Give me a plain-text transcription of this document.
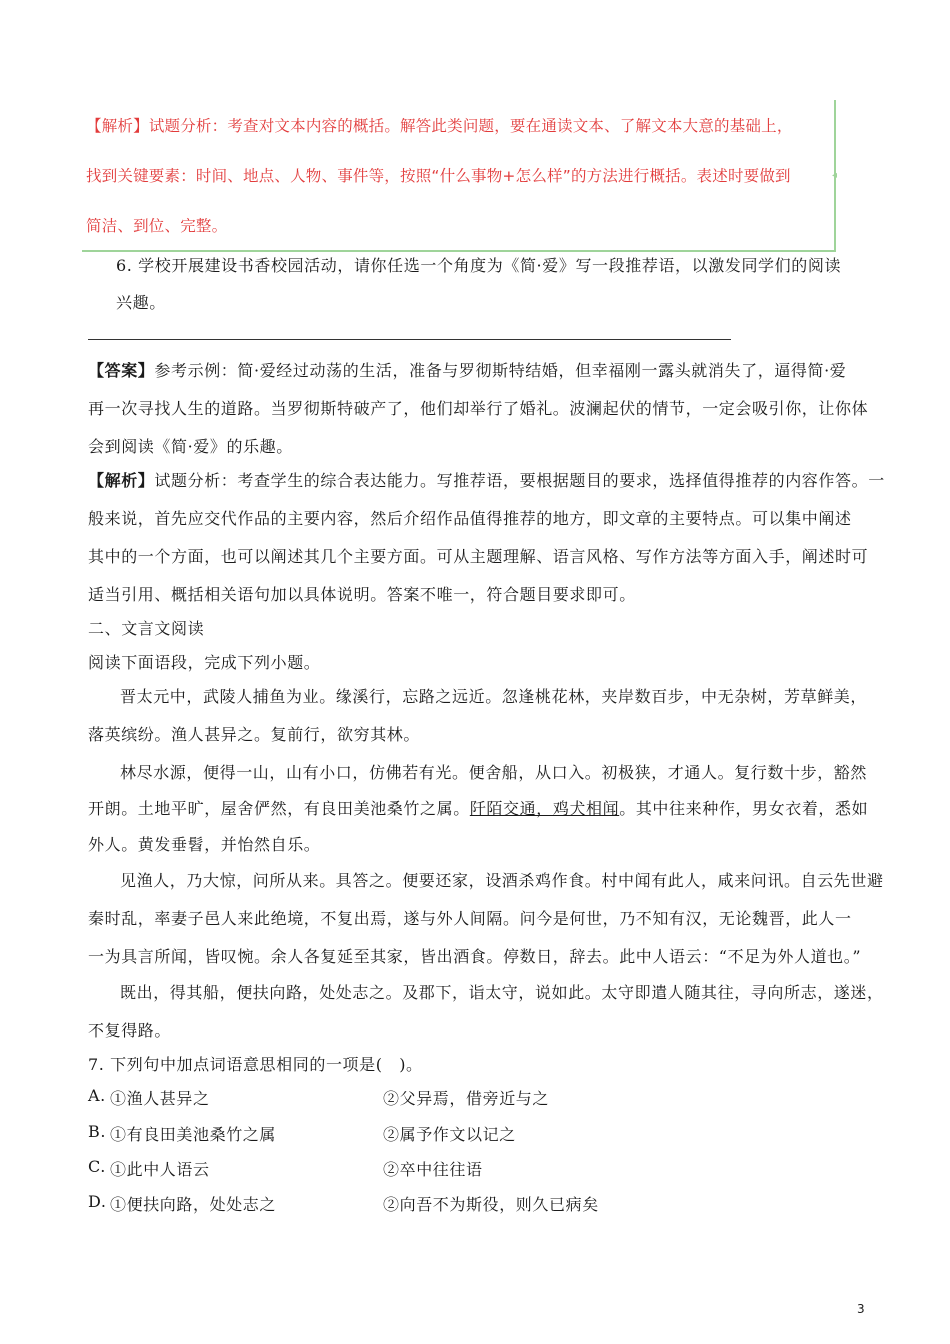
◂
【解析】试题分析：考查对文本内容的概括。解答此类问题，要在通读文本、了解文本大意的基础上，
找到关键要素：时间、地点、人物、事件等，按照“什么事物+怎么样”的方法进行概括。表述时要做到
简洁、到位、完整。
6. 学校开展建设书香校园活动，请你任选一个角度为《简·爱》写一段推荐语，以激发同学们的阅读
兴趣。
【答案】参考示例：简·爱经过动荡的生活，准备与罗彻斯特结婚，但幸福刚一露头就消失了，逼得简·爱
再一次寻找人生的道路。当罗彻斯特破产了，他们却举行了婚礼。波澜起伏的情节，一定会吸引你，让你体
会到阅读《简·爱》的乐趣。
【解析】试题分析：考查学生的综合表达能力。写推荐语，要根据题目的要求，选择值得推荐的内容作答。一
般来说，首先应交代作品的主要内容，然后介绍作品值得推荐的地方，即文章的主要特点。可以集中阐述
其中的一个方面，也可以阐述其几个主要方面。可从主题理解、语言风格、写作方法等方面入手，阐述时可
适当引用、概括相关语句加以具体说明。答案不唯一，符合题目要求即可。
二、文言文阅读
阅读下面语段，完成下列小题。
晋太元中，武陵人捕鱼为业。缘溪行，忘路之远近。忽逢桃花林，夹岸数百步，中无杂树，芳草鲜美，
落英缤纷。渔人甚异之。复前行，欲穷其林。
林尽水源，便得一山，山有小口，仿佛若有光。便舍船，从口入。初极狭，才通人。复行数十步，豁然
开朗。土地平旷，屋舍俨然，有良田美池桑竹之属。阡陌交通，鸡犬相闻。其中往来种作，男女衣着，悉如
外人。黄发垂髫，并怡然自乐。
见渔人，乃大惊，问所从来。具答之。便要还家，设酒杀鸡作食。村中闻有此人，咸来问讯。自云先世避
秦时乱，率妻子邑人来此绝境，不复出焉，遂与外人间隔。问今是何世，乃不知有汉，无论魏晋，此人一
一为具言所闻，皆叹惋。余人各复延至其家，皆出酒食。停数日，辞去。此中人语云：“不足为外人道也。”
既出，得其船，便扶向路，处处志之。及郡下，诣太守，说如此。太守即遣人随其往，寻向所志，遂迷，
不复得路。
7. 下列句中加点词语意思相同的一项是(　)。
A. ①渔人甚异之	②父异焉，借旁近与之
B. ①有良田美池桑竹之属	②属予作文以记之
C. ①此中人语云	②卒中往往语
D. ①便扶向路，处处志之	②向吾不为斯役，则久已病矣
3
